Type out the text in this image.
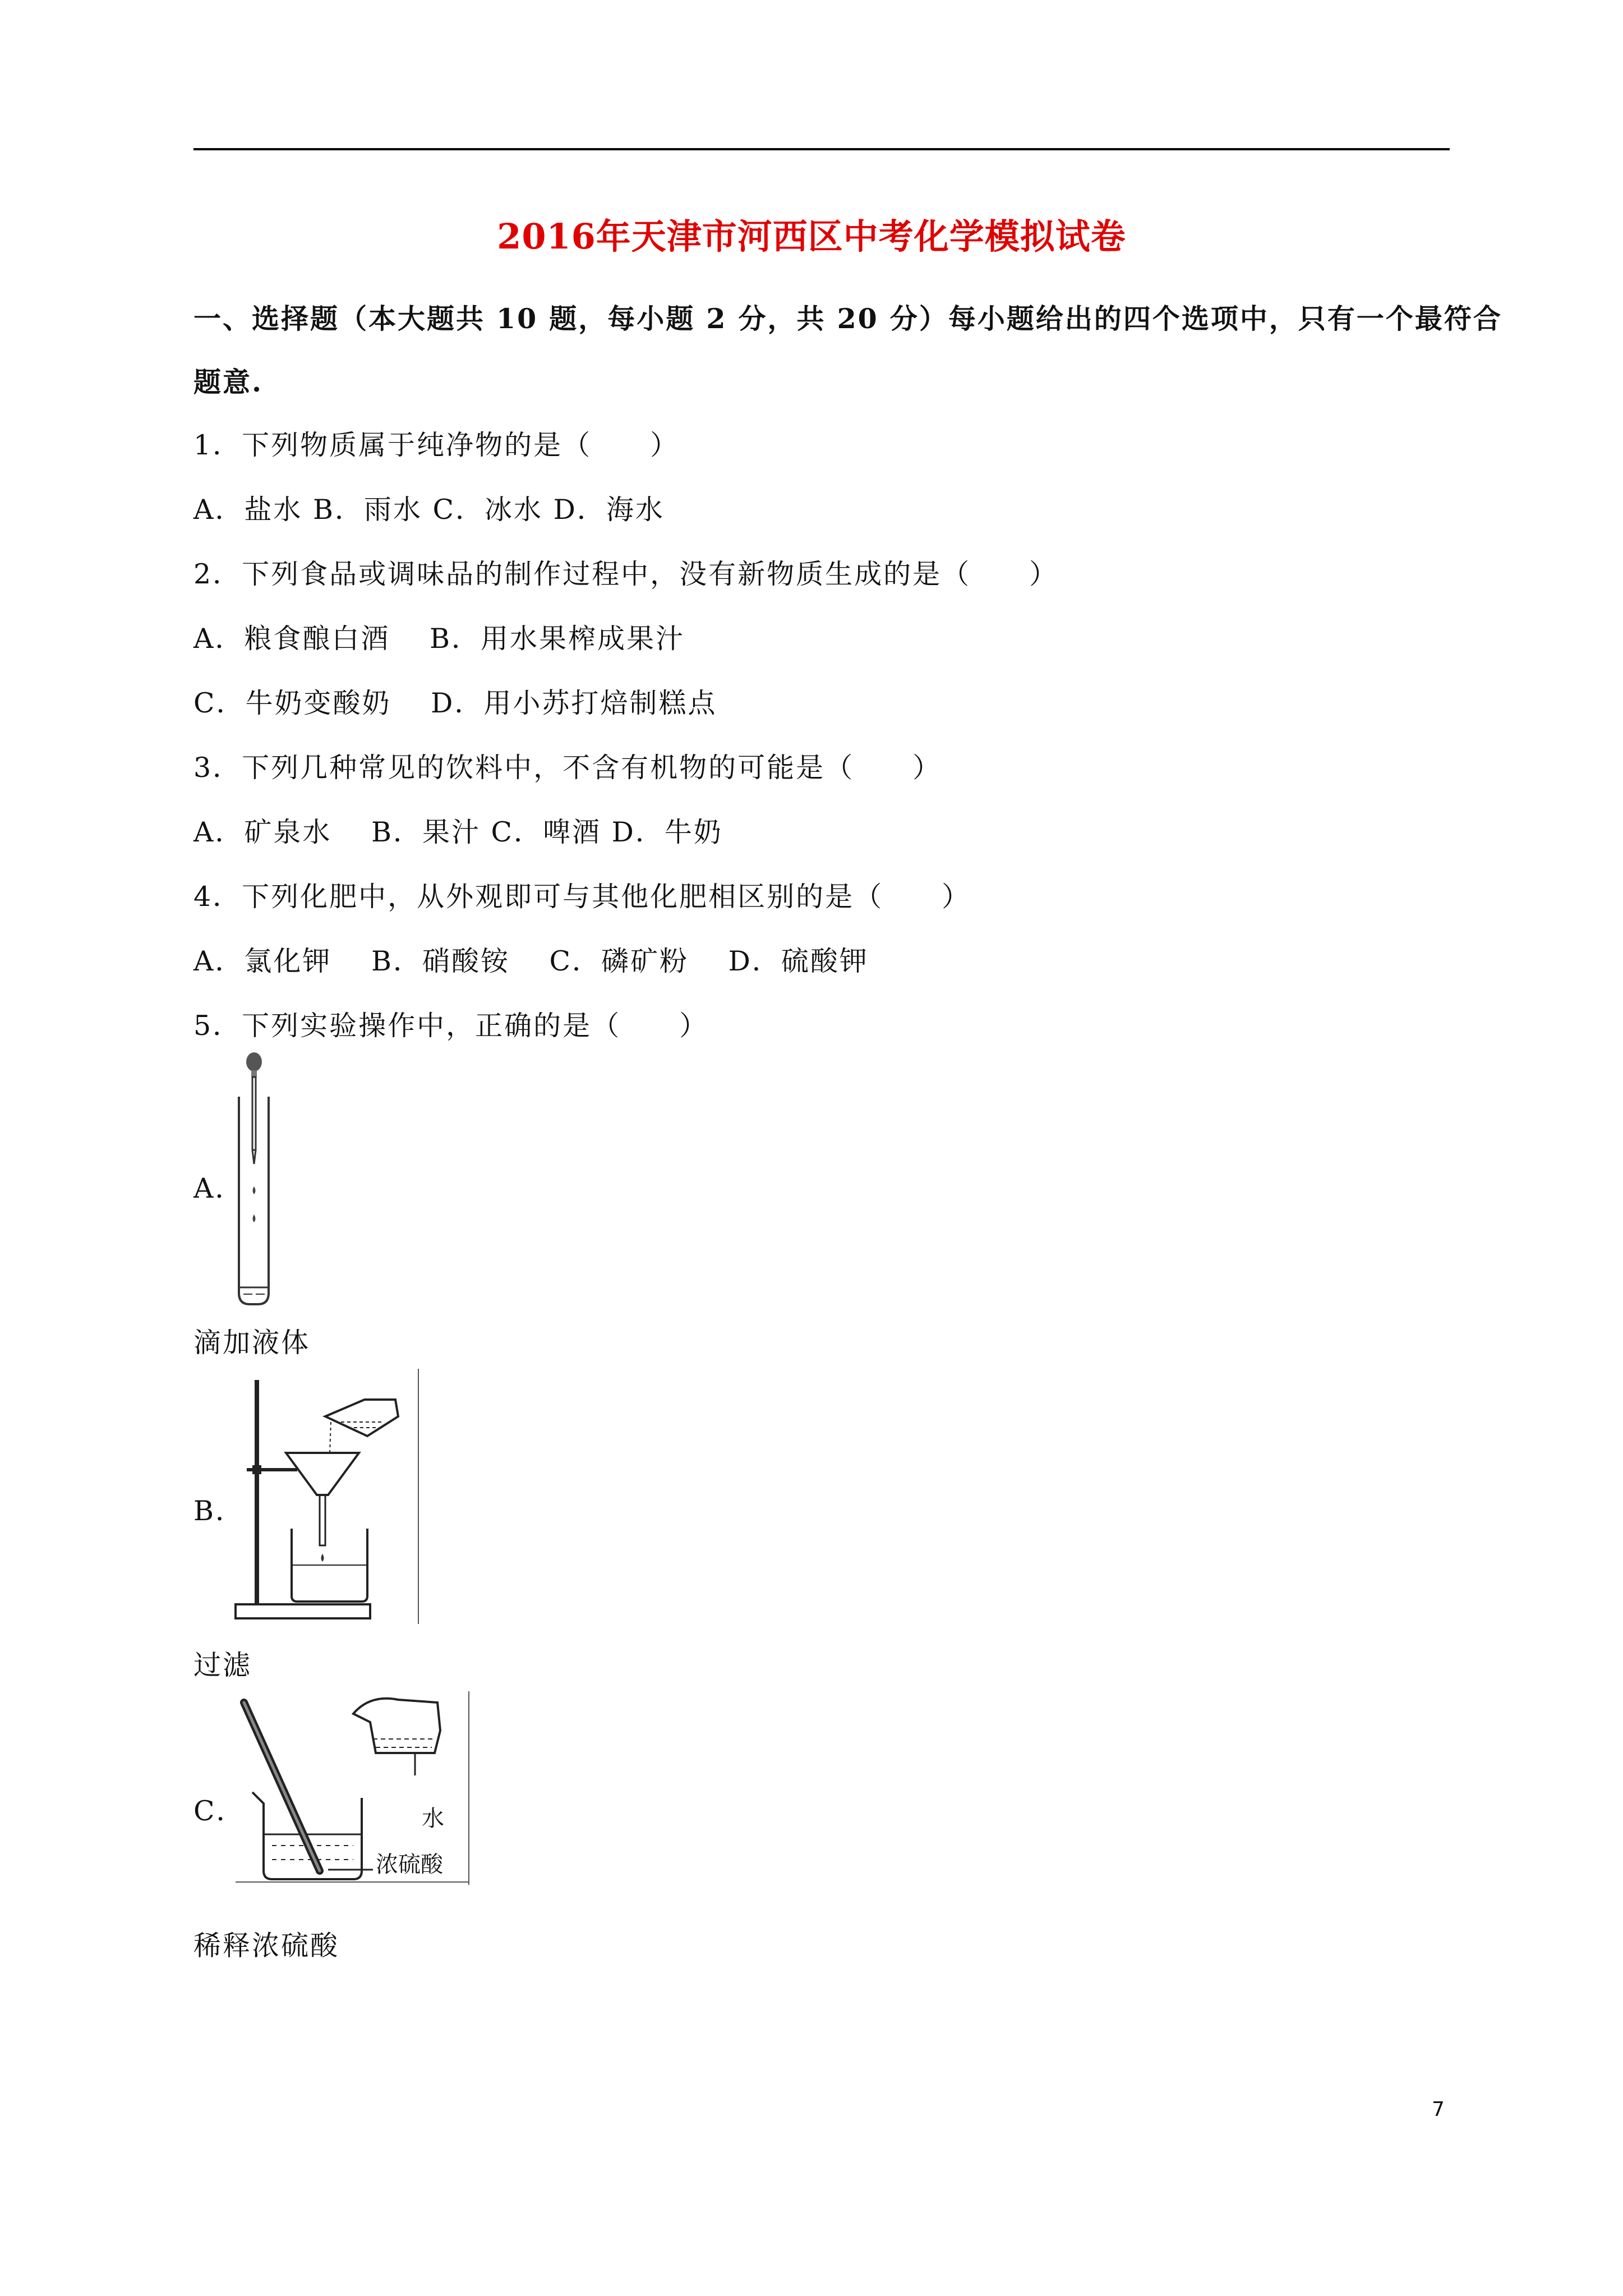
2016年天津市河西区中考化学模拟试卷
一、选择题（本大题共 10 题，每小题 2 分，共 20 分）每小题给出的四个选项中，只有一个最符合
题意.
1．下列物质属于纯净物的是（　　）
A．盐水 B．雨水 C．冰水 D．海水
2．下列食品或调味品的制作过程中，没有新物质生成的是（　　）
A．粮食酿白酒　 B．用水果榨成果汁
C．牛奶变酸奶　 D．用小苏打焙制糕点
3．下列几种常见的饮料中，不含有机物的可能是（　　）
A．矿泉水　 B．果汁 C．啤酒 D．牛奶
4．下列化肥中，从外观即可与其他化肥相区别的是（　　）
A．氯化钾　 B．硝酸铵　 C．磷矿粉　 D．硫酸钾
5．下列实验操作中，正确的是（　　）
A．
滴加液体
B．
过滤
C．	水
浓硫酸
稀释浓硫酸
7
